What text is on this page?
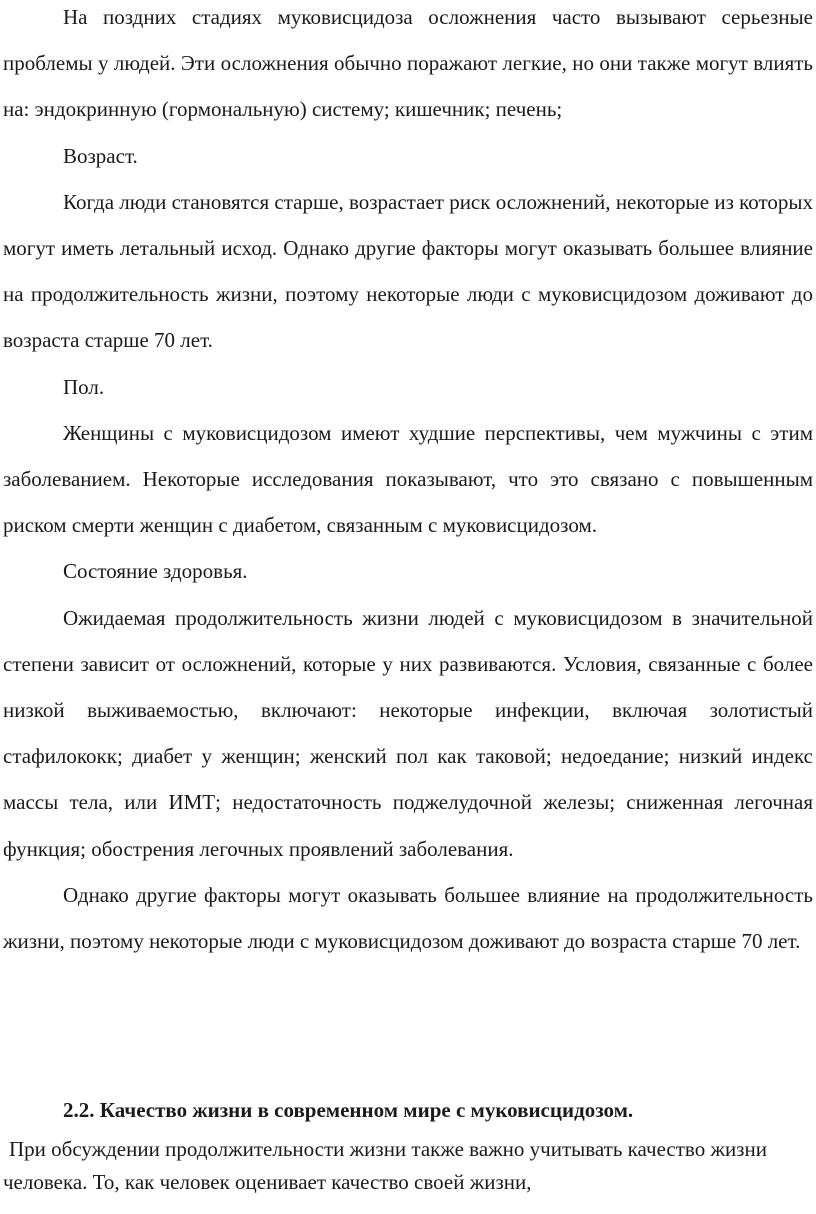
На поздних стадиях муковисцидоза осложнения часто вызывают серьезные проблемы у людей. Эти осложнения обычно поражают легкие, но они также могут влиять на: эндокринную (гормональную) систему; кишечник; печень;

Возраст.

Когда люди становятся старше, возрастает риск осложнений, некоторые из которых могут иметь летальный исход. Однако другие факторы могут оказывать большее влияние на продолжительность жизни, поэтому некоторые люди с муковисцидозом доживают до возраста старше 70 лет.

Пол.

Женщины с муковисцидозом имеют худшие перспективы, чем мужчины с этим заболеванием. Некоторые исследования показывают, что это связано с повышенным риском смерти женщин с диабетом, связанным с муковисцидозом.

Состояние здоровья.

Ожидаемая продолжительность жизни людей с муковисцидозом в значительной степени зависит от осложнений, которые у них развиваются. Условия, связанные с более низкой выживаемостью, включают: некоторые инфекции, включая золотистый стафилококк; диабет у женщин; женский пол как таковой; недоедание; низкий индекс массы тела, или ИМТ; недостаточность поджелудочной железы; сниженная легочная функция; обострения легочных проявлений заболевания.

Однако другие факторы могут оказывать большее влияние на продолжительность жизни, поэтому некоторые люди с муковисцидозом доживают до возраста старше 70 лет.

2.2. Качество жизни в современном мире с муковисцидозом.

При обсуждении продолжительности жизни также важно учитывать качество жизни человека. То, как человек оценивает качество своей жизни,
